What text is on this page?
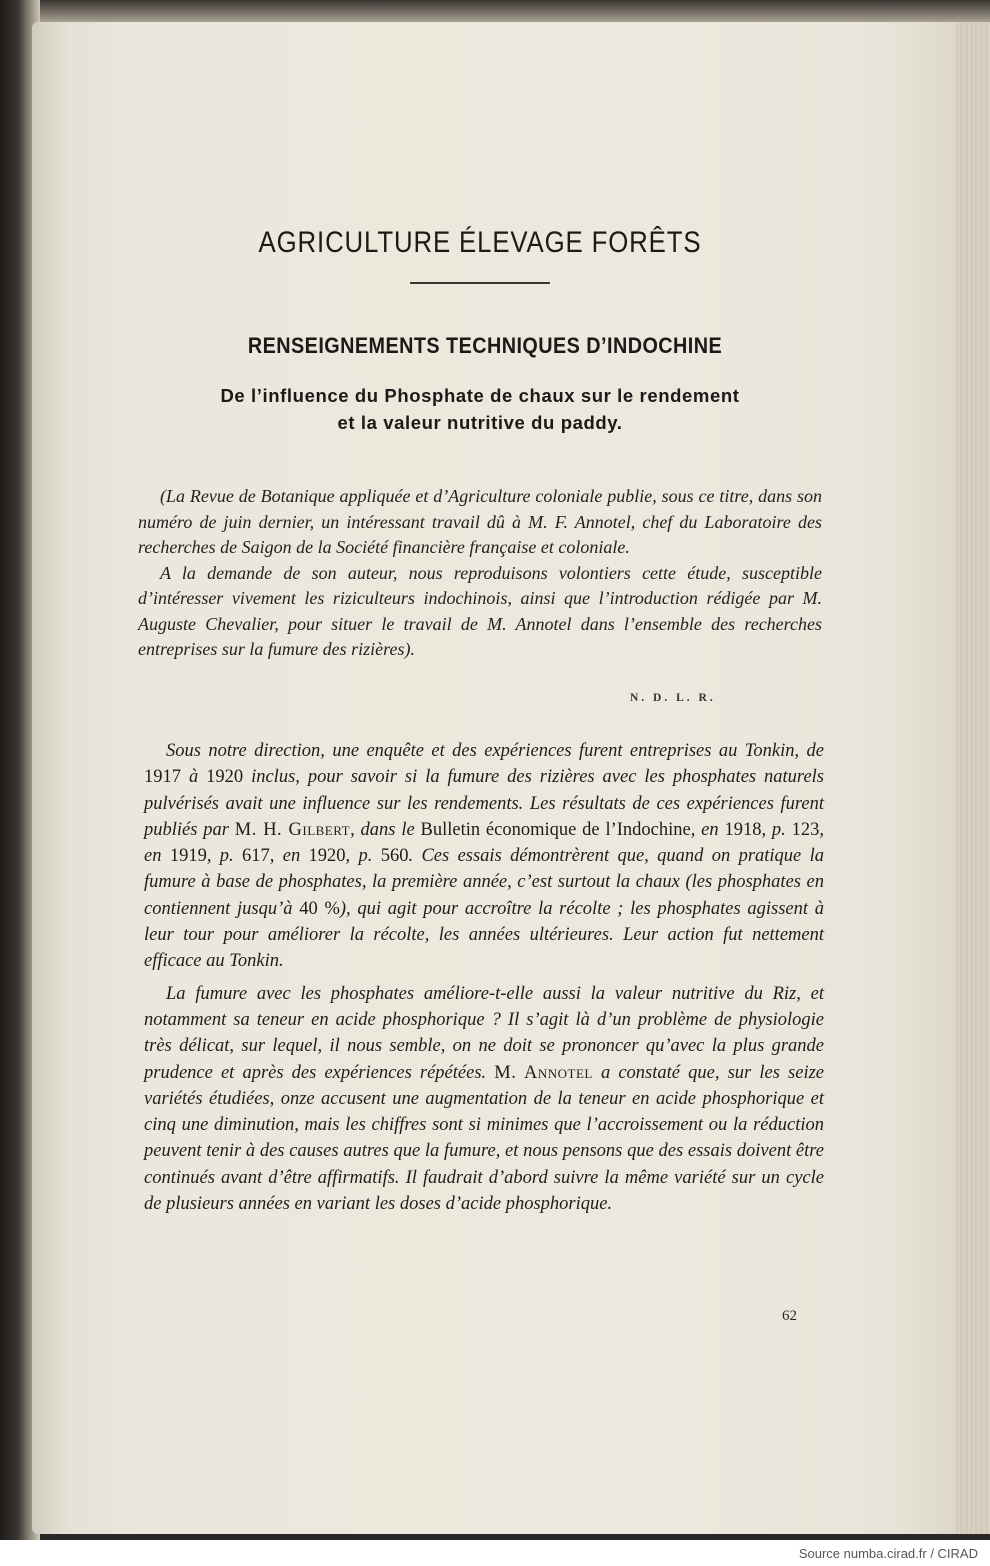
AGRICULTURE ÉLEVAGE FORÊTS
RENSEIGNEMENTS TECHNIQUES D’INDOCHINE
De l’influence du Phosphate de chaux sur le rendement
et la valeur nutritive du paddy.

(La Revue de Botanique appliquée et d’Agriculture coloniale publie, sous ce titre, dans son numéro de juin dernier, un intéressant travail dû à M. F. Annotel, chef du Laboratoire des recherches de Saigon de la Société financière française et coloniale.

A la demande de son auteur, nous reproduisons volontiers cette étude, susceptible d’intéresser vivement les riziculteurs indochinois, ainsi que l’introduction rédigée par M. Auguste Chevalier, pour situer le travail de M. Annotel dans l’ensemble des recherches entreprises sur la fumure des rizières).

N. D. L. R.

Sous notre direction, une enquête et des expériences furent entreprises au Tonkin, de 1917 à 1920 inclus, pour savoir si la fumure des rizières avec les phosphates naturels pulvérisés avait une influence sur les rendements. Les résultats de ces expériences furent publiés par M. H. Gilbert, dans le Bulletin économique de l’Indochine, en 1918, p. 123, en 1919, p. 617, en 1920, p. 560. Ces essais démontrèrent que, quand on pratique la fumure à base de phosphates, la première année, c’est surtout la chaux (les phosphates en contiennent jusqu’à 40 %), qui agit pour accroître la récolte ; les phosphates agissent à leur tour pour améliorer la récolte, les années ultérieures. Leur action fut nettement efficace au Tonkin.

La fumure avec les phosphates améliore-t-elle aussi la valeur nutritive du Riz, et notamment sa teneur en acide phosphorique ? Il s’agit là d’un problème de physiologie très délicat, sur lequel, il nous semble, on ne doit se prononcer qu’avec la plus grande prudence et après des expériences répétées. M. Annotel a constaté que, sur les seize variétés étudiées, onze accusent une augmentation de la teneur en acide phosphorique et cinq une diminution, mais les chiffres sont si minimes que l’accroissement ou la réduction peuvent tenir à des causes autres que la fumure, et nous pensons que des essais doivent être continués avant d’être affirmatifs. Il faudrait d’abord suivre la même variété sur un cycle de plusieurs années en variant les doses d’acide phosphorique.

62
Source numba.cirad.fr / CIRAD
